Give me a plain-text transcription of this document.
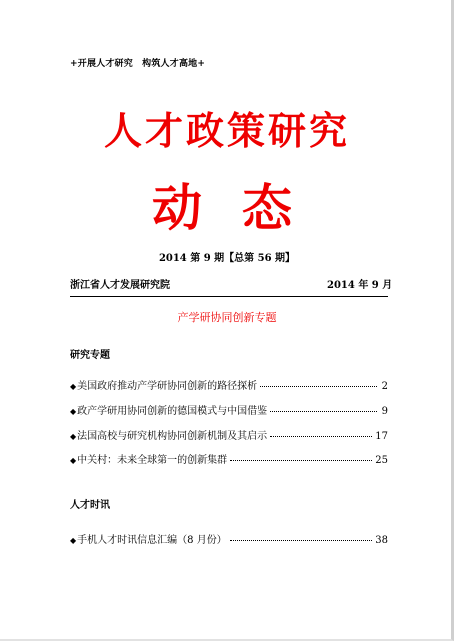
+开展人才研究　构筑人才高地+
人才政策研究
动态
2014 第 9 期【总第 56 期】
浙江省人才发展研究院	2014 年 9 月
产学研协同创新专题
研究专题
◆ 美国政府推动产学研协同创新的路径探析	2
◆ 政产学研用协同创新的德国模式与中国借鉴	9
◆ 法国高校与研究机构协同创新机制及其启示	17
◆ 中关村：未来全球第一的创新集群	25
人才时讯
◆ 手机人才时讯信息汇编（8 月份）	38
